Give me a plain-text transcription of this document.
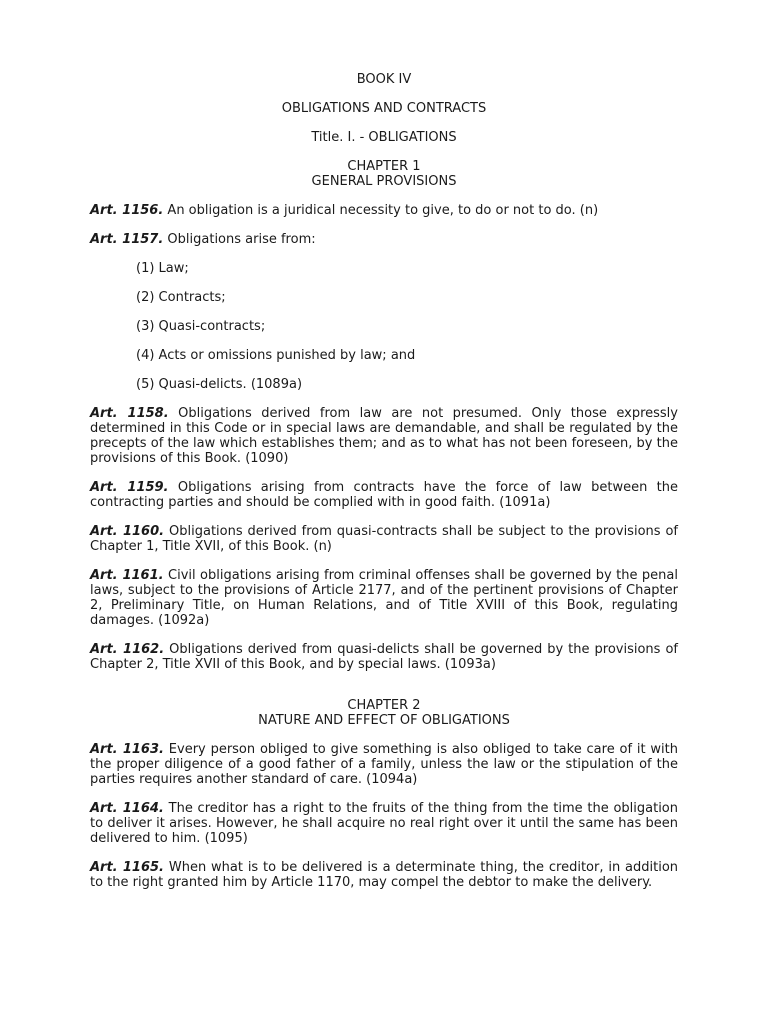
BOOK IV
OBLIGATIONS AND CONTRACTS
Title. I. - OBLIGATIONS
CHAPTER 1
GENERAL PROVISIONS

Art. 1156. An obligation is a juridical necessity to give, to do or not to do. (n)

Art. 1157. Obligations arise from:

(1) Law;
(2) Contracts;
(3) Quasi-contracts;
(4) Acts or omissions punished by law; and
(5) Quasi-delicts. (1089a)

Art. 1158. Obligations derived from law are not presumed. Only those expressly determined in this Code or in special laws are demandable, and shall be regulated by the precepts of the law which establishes them; and as to what has not been foreseen, by the provisions of this Book. (1090)

Art. 1159. Obligations arising from contracts have the force of law between the contracting parties and should be complied with in good faith. (1091a)

Art. 1160. Obligations derived from quasi-contracts shall be subject to the provisions of Chapter 1, Title XVII, of this Book. (n)

Art. 1161. Civil obligations arising from criminal offenses shall be governed by the penal laws, subject to the provisions of Article 2177, and of the pertinent provisions of Chapter 2, Preliminary Title, on Human Relations, and of Title XVIII of this Book, regulating damages. (1092a)

Art. 1162. Obligations derived from quasi-delicts shall be governed by the provisions of Chapter 2, Title XVII of this Book, and by special laws. (1093a)

CHAPTER 2
NATURE AND EFFECT OF OBLIGATIONS

Art. 1163. Every person obliged to give something is also obliged to take care of it with the proper diligence of a good father of a family, unless the law or the stipulation of the parties requires another standard of care. (1094a)

Art. 1164. The creditor has a right to the fruits of the thing from the time the obligation to deliver it arises. However, he shall acquire no real right over it until the same has been delivered to him. (1095)

Art. 1165. When what is to be delivered is a determinate thing, the creditor, in addition to the right granted him by Article 1170, may compel the debtor to make the delivery.
